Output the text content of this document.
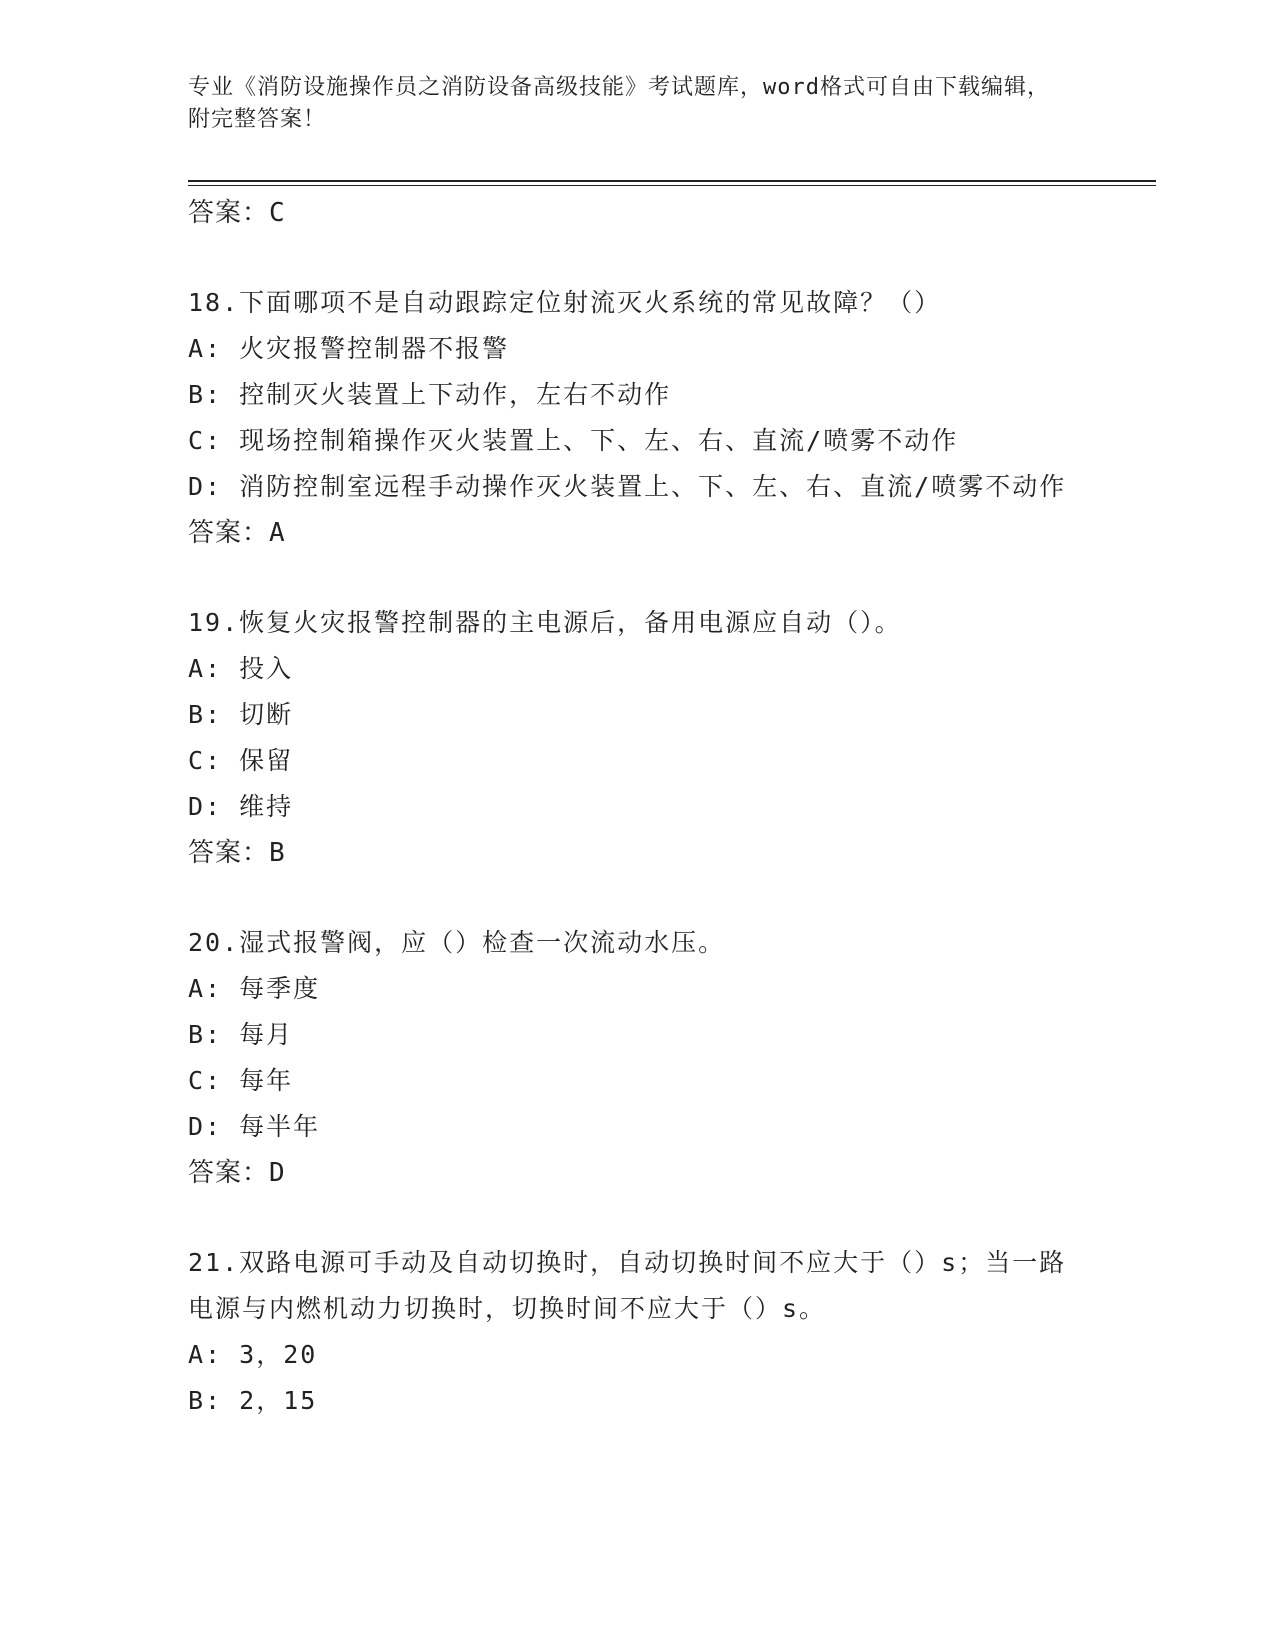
专业《消防设施操作员之消防设备高级技能》考试题库，word格式可自由下载编辑，附完整答案！
答案：C
18.下面哪项不是自动跟踪定位射流灭火系统的常见故障？（）
A: 火灾报警控制器不报警
B: 控制灭火装置上下动作，左右不动作
C: 现场控制箱操作灭火装置上、下、左、右、直流/喷雾不动作
D: 消防控制室远程手动操作灭火装置上、下、左、右、直流/喷雾不动作
答案：A
19.恢复火灾报警控制器的主电源后，备用电源应自动（）。
A: 投入
B: 切断
C: 保留
D: 维持
答案：B
20.湿式报警阀，应（）检查一次流动水压。
A: 每季度
B: 每月
C: 每年
D: 每半年
答案：D
21.双路电源可手动及自动切换时，自动切换时间不应大于（）s；当一路电源与内燃机动力切换时，切换时间不应大于（）s。
A: 3，20
B: 2，15
